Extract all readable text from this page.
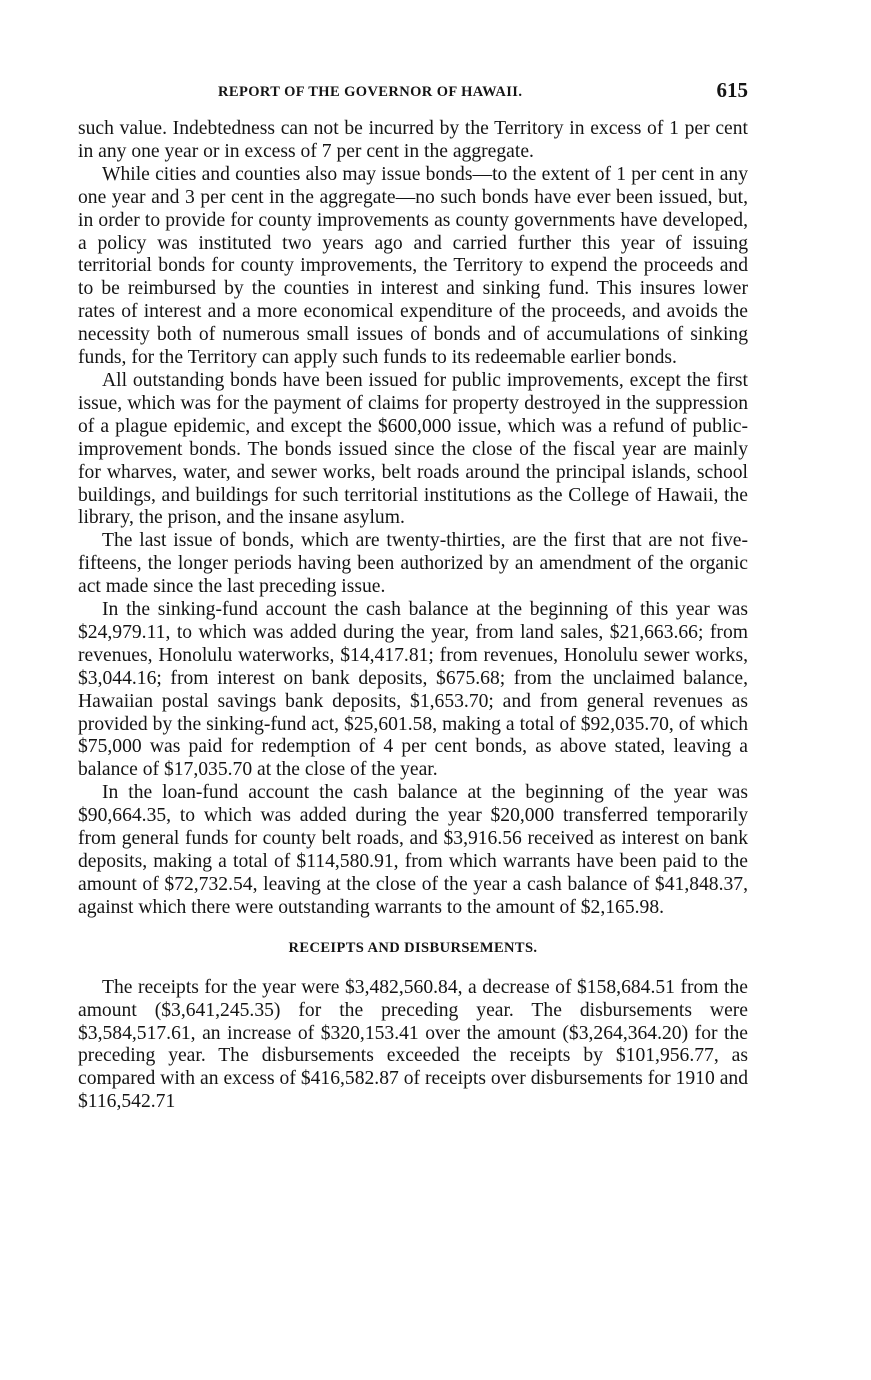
REPORT OF THE GOVERNOR OF HAWAII.	615

such value. Indebtedness can not be incurred by the Territory in excess of 1 per cent in any one year or in excess of 7 per cent in the aggregate.

While cities and counties also may issue bonds—to the extent of 1 per cent in any one year and 3 per cent in the aggregate—no such bonds have ever been issued, but, in order to provide for county improvements as county governments have developed, a policy was instituted two years ago and carried further this year of issuing territorial bonds for county improvements, the Territory to expend the proceeds and to be reimbursed by the counties in interest and sinking fund. This insures lower rates of interest and a more economical expenditure of the proceeds, and avoids the necessity both of numerous small issues of bonds and of accumulations of sinking funds, for the Territory can apply such funds to its redeemable earlier bonds.

All outstanding bonds have been issued for public improvements, except the first issue, which was for the payment of claims for property destroyed in the suppression of a plague epidemic, and except the $600,000 issue, which was a refund of public-improvement bonds. The bonds issued since the close of the fiscal year are mainly for wharves, water, and sewer works, belt roads around the principal islands, school buildings, and buildings for such territorial institutions as the College of Hawaii, the library, the prison, and the insane asylum.

The last issue of bonds, which are twenty-thirties, are the first that are not five-fifteens, the longer periods having been authorized by an amendment of the organic act made since the last preceding issue.

In the sinking-fund account the cash balance at the beginning of this year was $24,979.11, to which was added during the year, from land sales, $21,663.66; from revenues, Honolulu waterworks, $14,417.81; from revenues, Honolulu sewer works, $3,044.16; from interest on bank deposits, $675.68; from the unclaimed balance, Hawaiian postal savings bank deposits, $1,653.70; and from general revenues as provided by the sinking-fund act, $25,601.58, making a total of $92,035.70, of which $75,000 was paid for redemption of 4 per cent bonds, as above stated, leaving a balance of $17,035.70 at the close of the year.

In the loan-fund account the cash balance at the beginning of the year was $90,664.35, to which was added during the year $20,000 transferred temporarily from general funds for county belt roads, and $3,916.56 received as interest on bank deposits, making a total of $114,580.91, from which warrants have been paid to the amount of $72,732.54, leaving at the close of the year a cash balance of $41,848.37, against which there were outstanding warrants to the amount of $2,165.98.

RECEIPTS AND DISBURSEMENTS.

The receipts for the year were $3,482,560.84, a decrease of $158,684.51 from the amount ($3,641,245.35) for the preceding year. The disbursements were $3,584,517.61, an increase of $320,153.41 over the amount ($3,264,364.20) for the preceding year. The disbursements exceeded the receipts by $101,956.77, as compared with an excess of $416,582.87 of receipts over disbursements for 1910 and $116,542.71
